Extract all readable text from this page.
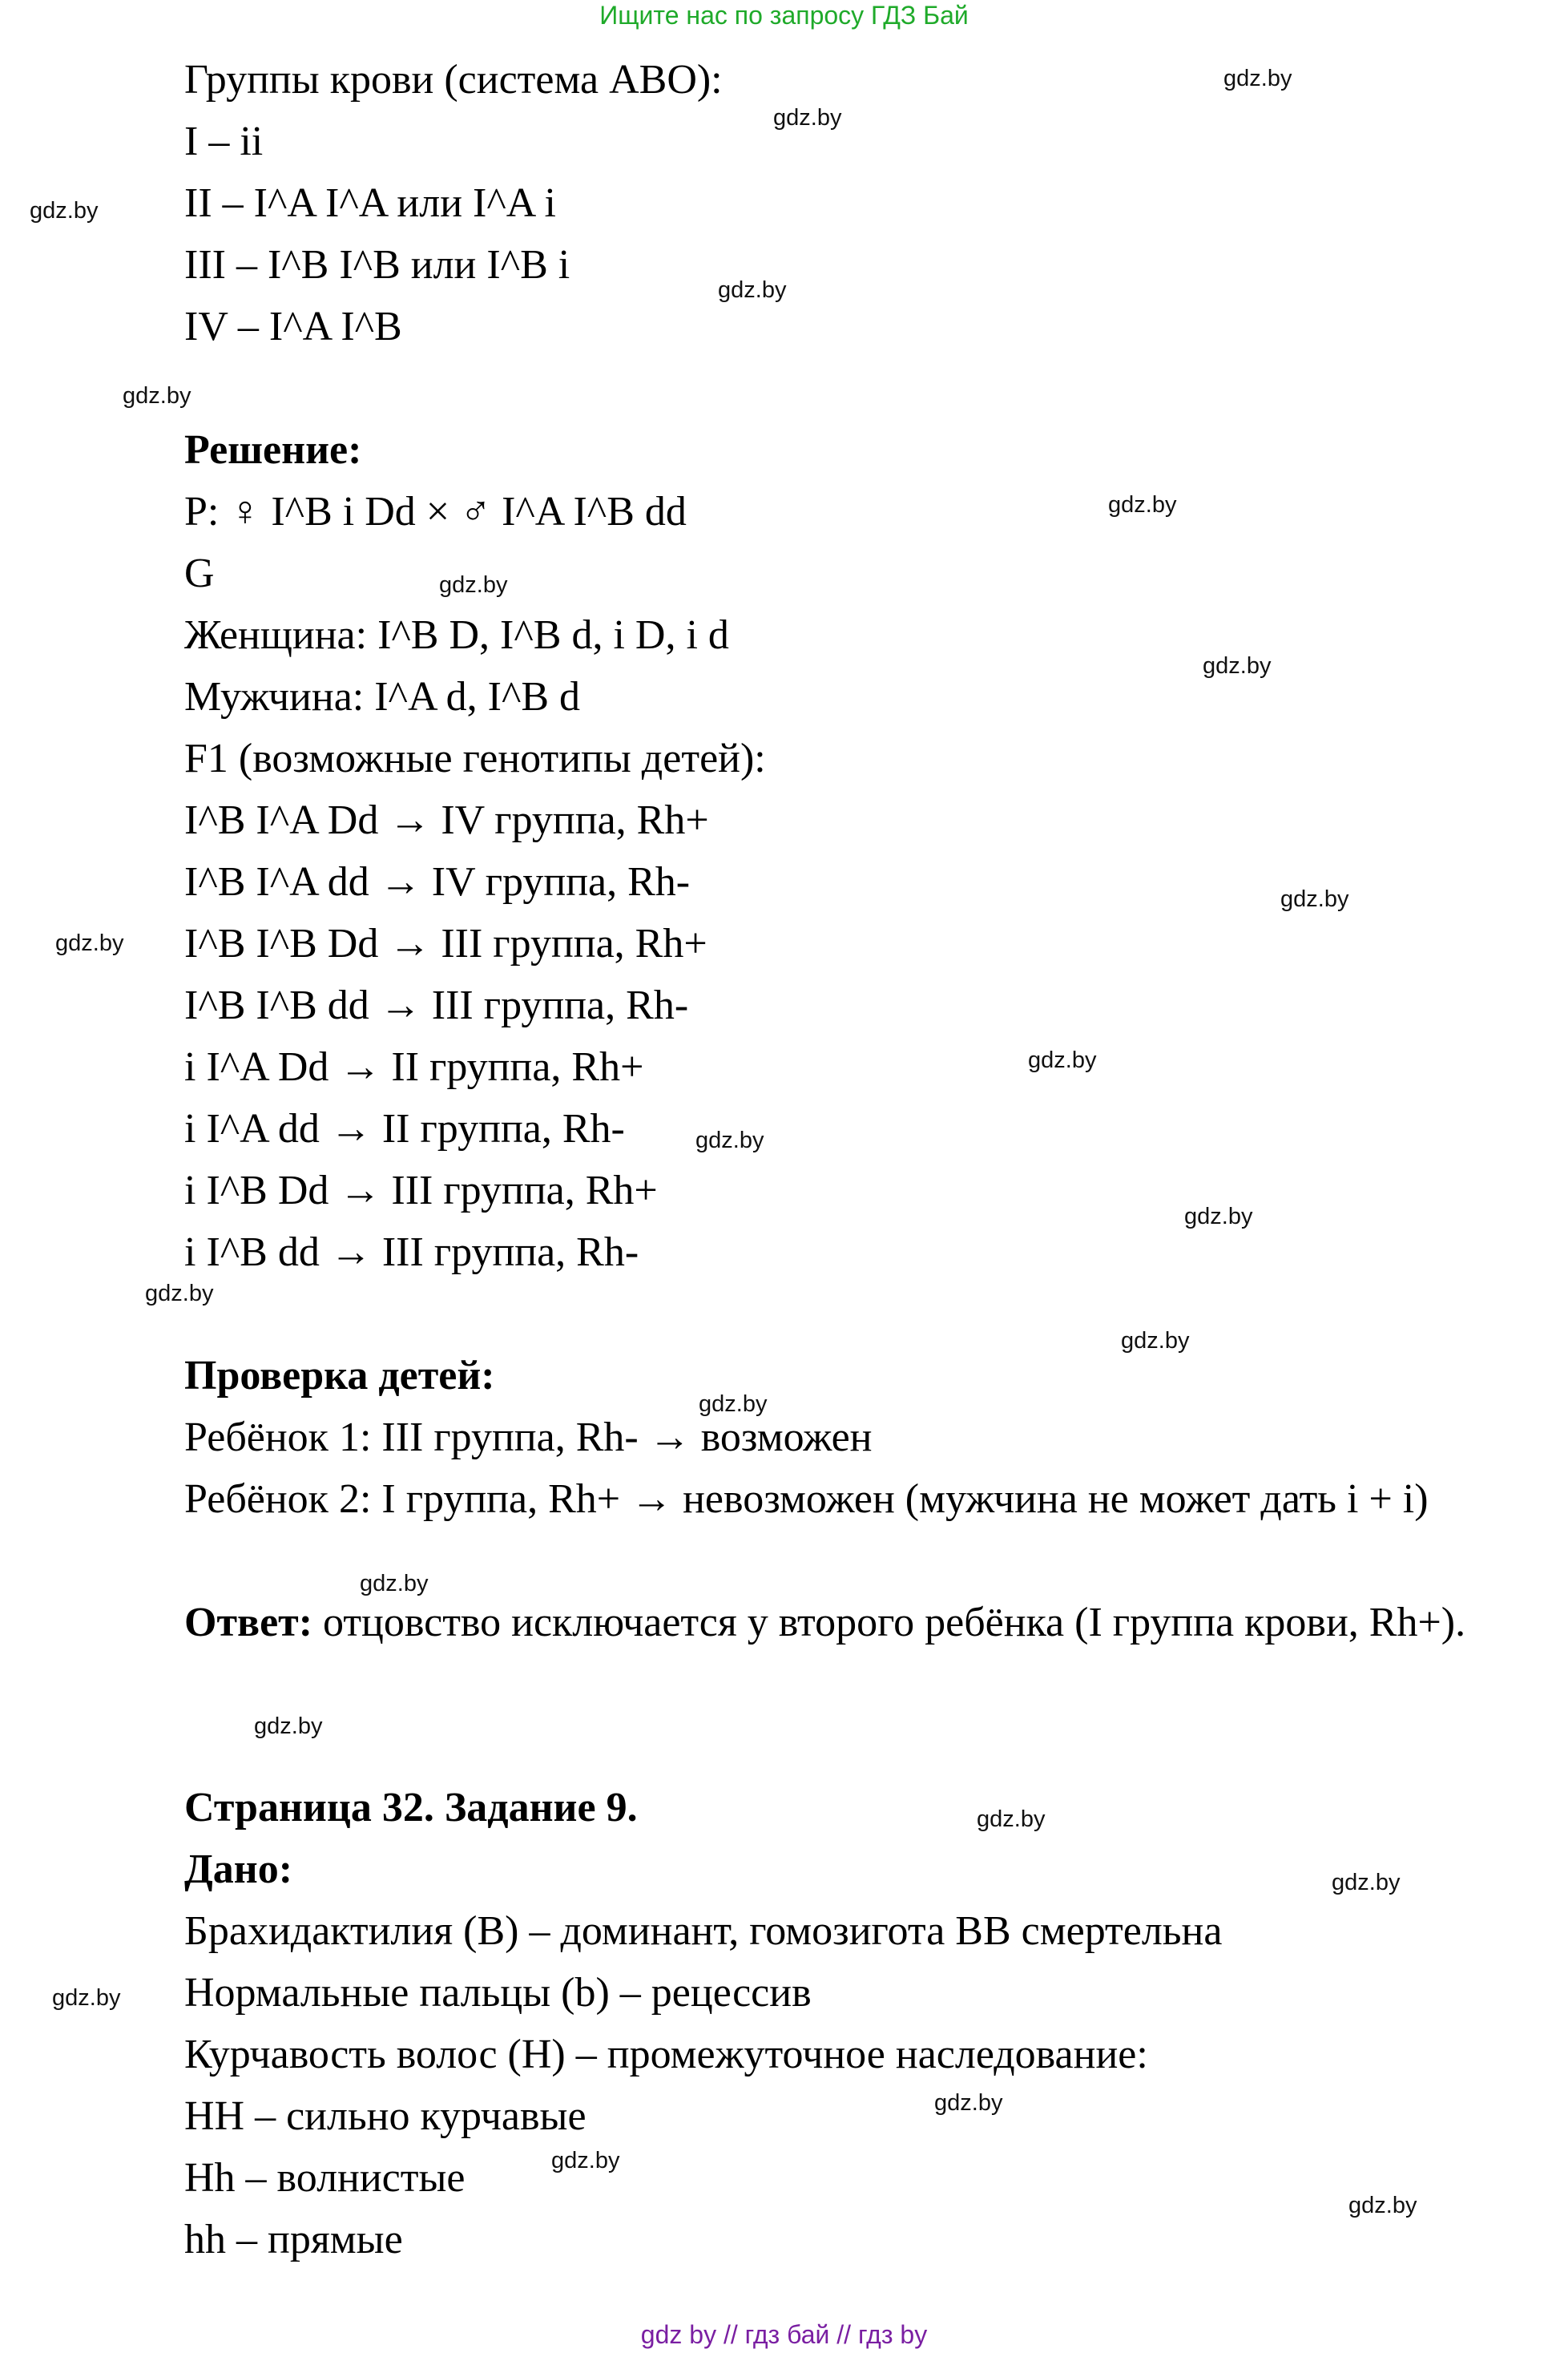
Ищите нас по запросу ГДЗ Бай
Группы крови (система АВО):
I – ii
II – I^A I^A или I^A i
III – I^B I^B или I^B i
IV – I^A I^B
Решение:
P: ♀ I^B i Dd × ♂ I^A I^B dd
G
Женщина: I^B D, I^B d, i D, i d
Мужчина: I^A d, I^B d
F1 (возможные генотипы детей):
I^B I^A Dd → IV группа, Rh+
I^B I^A dd → IV группа, Rh-
I^B I^B Dd → III группа, Rh+
I^B I^B dd → III группа, Rh-
i I^A Dd → II группа, Rh+
i I^A dd → II группа, Rh-
i I^B Dd → III группа, Rh+
i I^B dd → III группа, Rh-
Проверка детей:
Ребёнок 1: III группа, Rh- → возможен
Ребёнок 2: I группа, Rh+ → невозможен (мужчина не может дать i + i)
Ответ: отцовство исключается у второго ребёнка (I группа крови, Rh+).
Страница 32. Задание 9.
Дано:
Брахидактилия (B) – доминант, гомозигота BB смертельна
Нормальные пальцы (b) – рецессив
Курчавость волос (H) – промежуточное наследование:
HH – сильно курчавые
Hh – волнистые
hh – прямые
gdz.by
gdz.by
gdz.by
gdz.by
gdz.by
gdz.by
gdz.by
gdz.by
gdz.by
gdz.by
gdz.by
gdz.by
gdz.by
gdz.by
gdz.by
gdz.by
gdz.by
gdz.by
gdz.by
gdz.by
gdz.by
gdz.by
gdz.by
gdz.by
gdz by // гдз бай // гдз by
